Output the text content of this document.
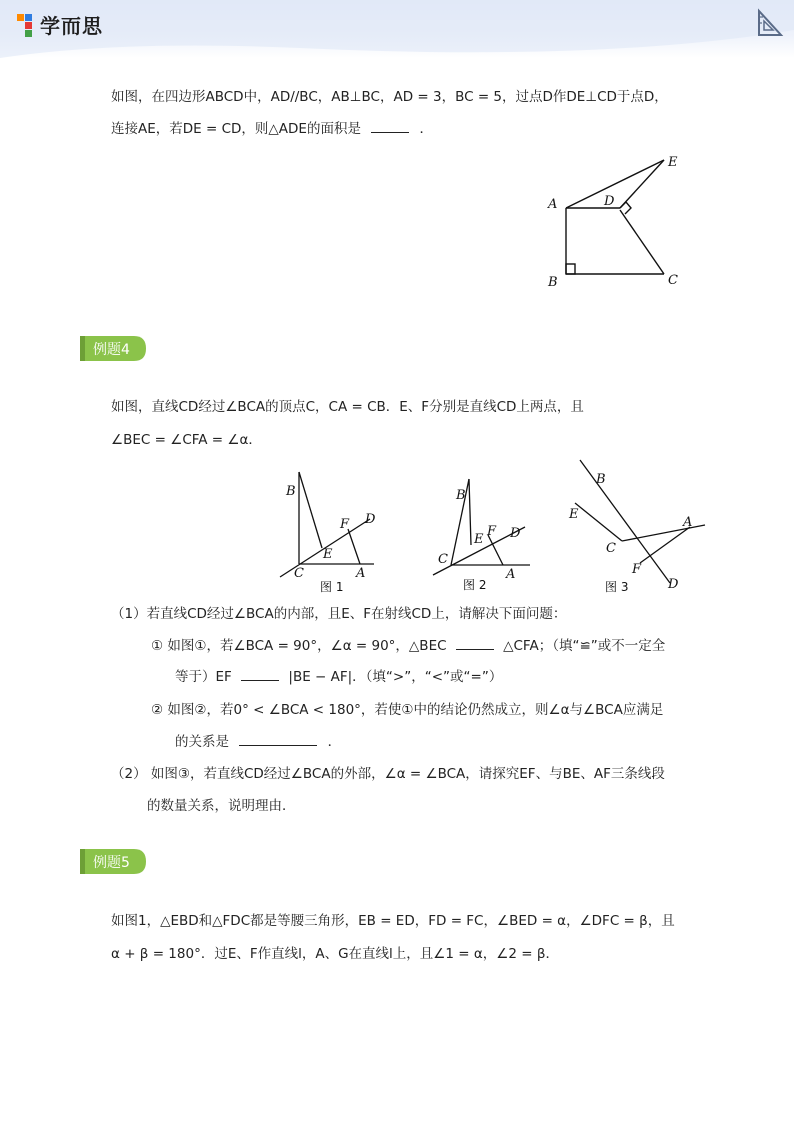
学而思
如图，在四边形ABCD中，AD//BC，AB⊥BC，AD = 3，BC = 5，过点D作DE⊥CD于点D，
连接AE，若DE = CD，则△ADE的面积是	．
A
B	C
D
E
例题4
如图，直线CD经过∠BCA的顶点C，CA = CB．E、F分别是直线CD上两点，且
∠BEC = ∠CFA = ∠α．
B
F D
E
C	A
图 1
B
F
E D
C
A
图 2
B
E
A
C
F
D
图 3
（1）若直线CD经过∠BCA的内部，且E、F在射线CD上，请解决下面问题：
① 如图①，若∠BCA = 90°，∠α = 90°，△BEC	△CFA；（填“≌”或不一定全
等于）EF	|BE − AF|．（填“>”，“<”或“=”）
② 如图②，若0° < ∠BCA < 180°，若使①中的结论仍然成立，则∠α与∠BCA应满足
的关系是	．
（2） 如图③，若直线CD经过∠BCA的外部，∠α = ∠BCA，请探究EF、与BE、AF三条线段
的数量关系，说明理由．
例题5
如图1，△EBD和△FDC都是等腰三角形，EB = ED，FD = FC，∠BED = α，∠DFC = β，且
α + β = 180°．过E、F作直线l，A、G在直线l上，且∠1 = α，∠2 = β．
